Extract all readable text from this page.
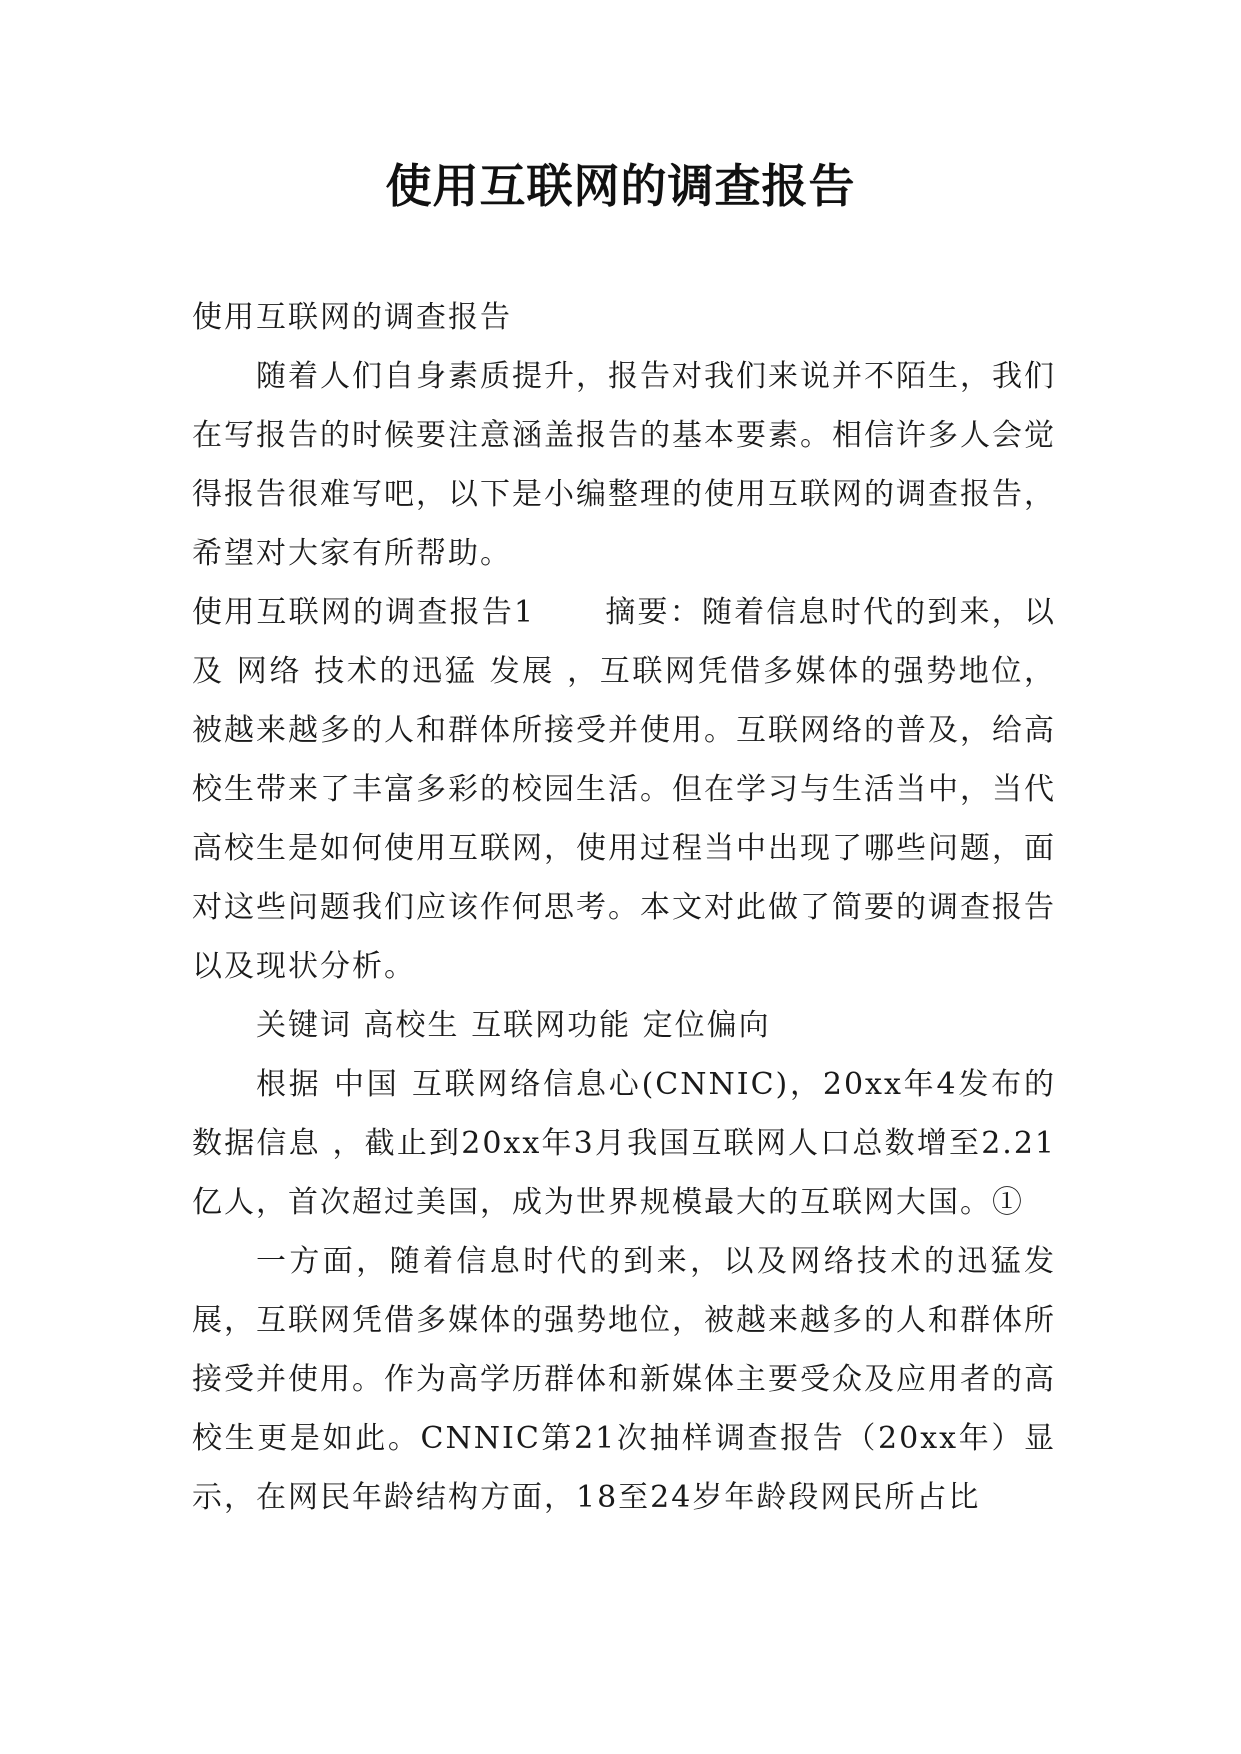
使用互联网的调查报告

使用互联网的调查报告

随着人们自身素质提升，报告对我们来说并不陌生，我们在写报告的时候要注意涵盖报告的基本要素。相信许多人会觉得报告很难写吧，以下是小编整理的使用互联网的调查报告，希望对大家有所帮助。

使用互联网的调查报告1 摘要：随着信息时代的到来，以及 网络 技术的迅猛 发展 ，互联网凭借多媒体的强势地位，被越来越多的人和群体所接受并使用。互联网络的普及，给高校生带来了丰富多彩的校园生活。但在学习与生活当中，当代高校生是如何使用互联网，使用过程当中出现了哪些问题，面对这些问题我们应该作何思考。本文对此做了简要的调查报告以及现状分析。

关键词 高校生 互联网功能 定位偏向

根据 中国 互联网络信息心(CNNIC)，20xx年4发布的数据信息 ，截止到20xx年3月我国互联网人口总数增至2.21亿人，首次超过美国，成为世界规模最大的互联网大国。①

一方面，随着信息时代的到来，以及网络技术的迅猛发展，互联网凭借多媒体的强势地位，被越来越多的人和群体所接受并使用。作为高学历群体和新媒体主要受众及应用者的高校生更是如此。CNNIC第21次抽样调查报告（20xx年）显示，在网民年龄结构方面，18至24岁年龄段网民所占比
